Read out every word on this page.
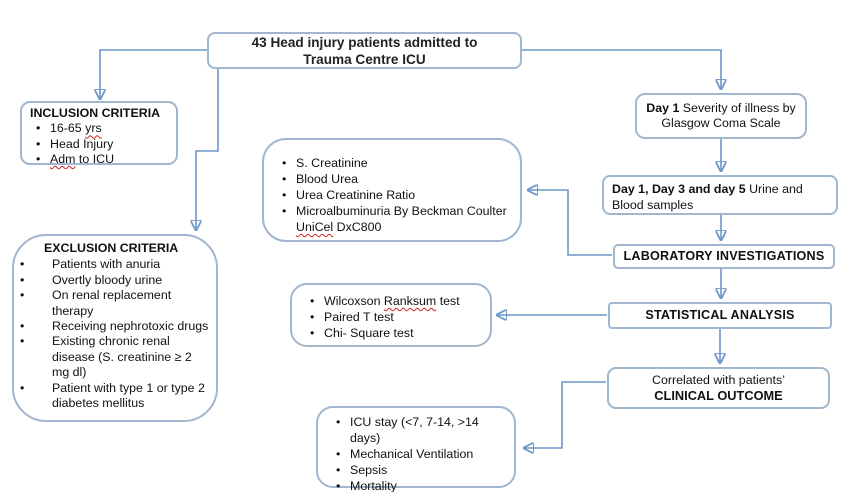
43 Head injury patients admitted to
Trauma Centre ICU
INCLUSION CRITERIA
• 16-65 yrs
• Head Injury
• Adm to ICU
EXCLUSION CRITERIA
• Patients with anuria
• Overtly bloody urine
• On renal replacement therapy
• Receiving nephrotoxic drugs
• Existing chronic renal disease (S. creatinine ≥ 2 mg dl)
• Patient with type 1 or type 2 diabetes mellitus
• S. Creatinine
• Blood Urea
• Urea Creatinine Ratio
• Microalbuminuria By Beckman Coulter UniCel DxC800
Day 1 Severity of illness by Glasgow Coma Scale
Day 1, Day 3 and day 5 Urine and Blood samples
LABORATORY INVESTIGATIONS
STATISTICAL ANALYSIS
• Wilcoxson Ranksum test
• Paired T test
• Chi- Square test
Correlated with patients’
CLINICAL OUTCOME
• ICU stay (<7, 7-14, >14 days)
• Mechanical Ventilation
• Sepsis
• Mortality
